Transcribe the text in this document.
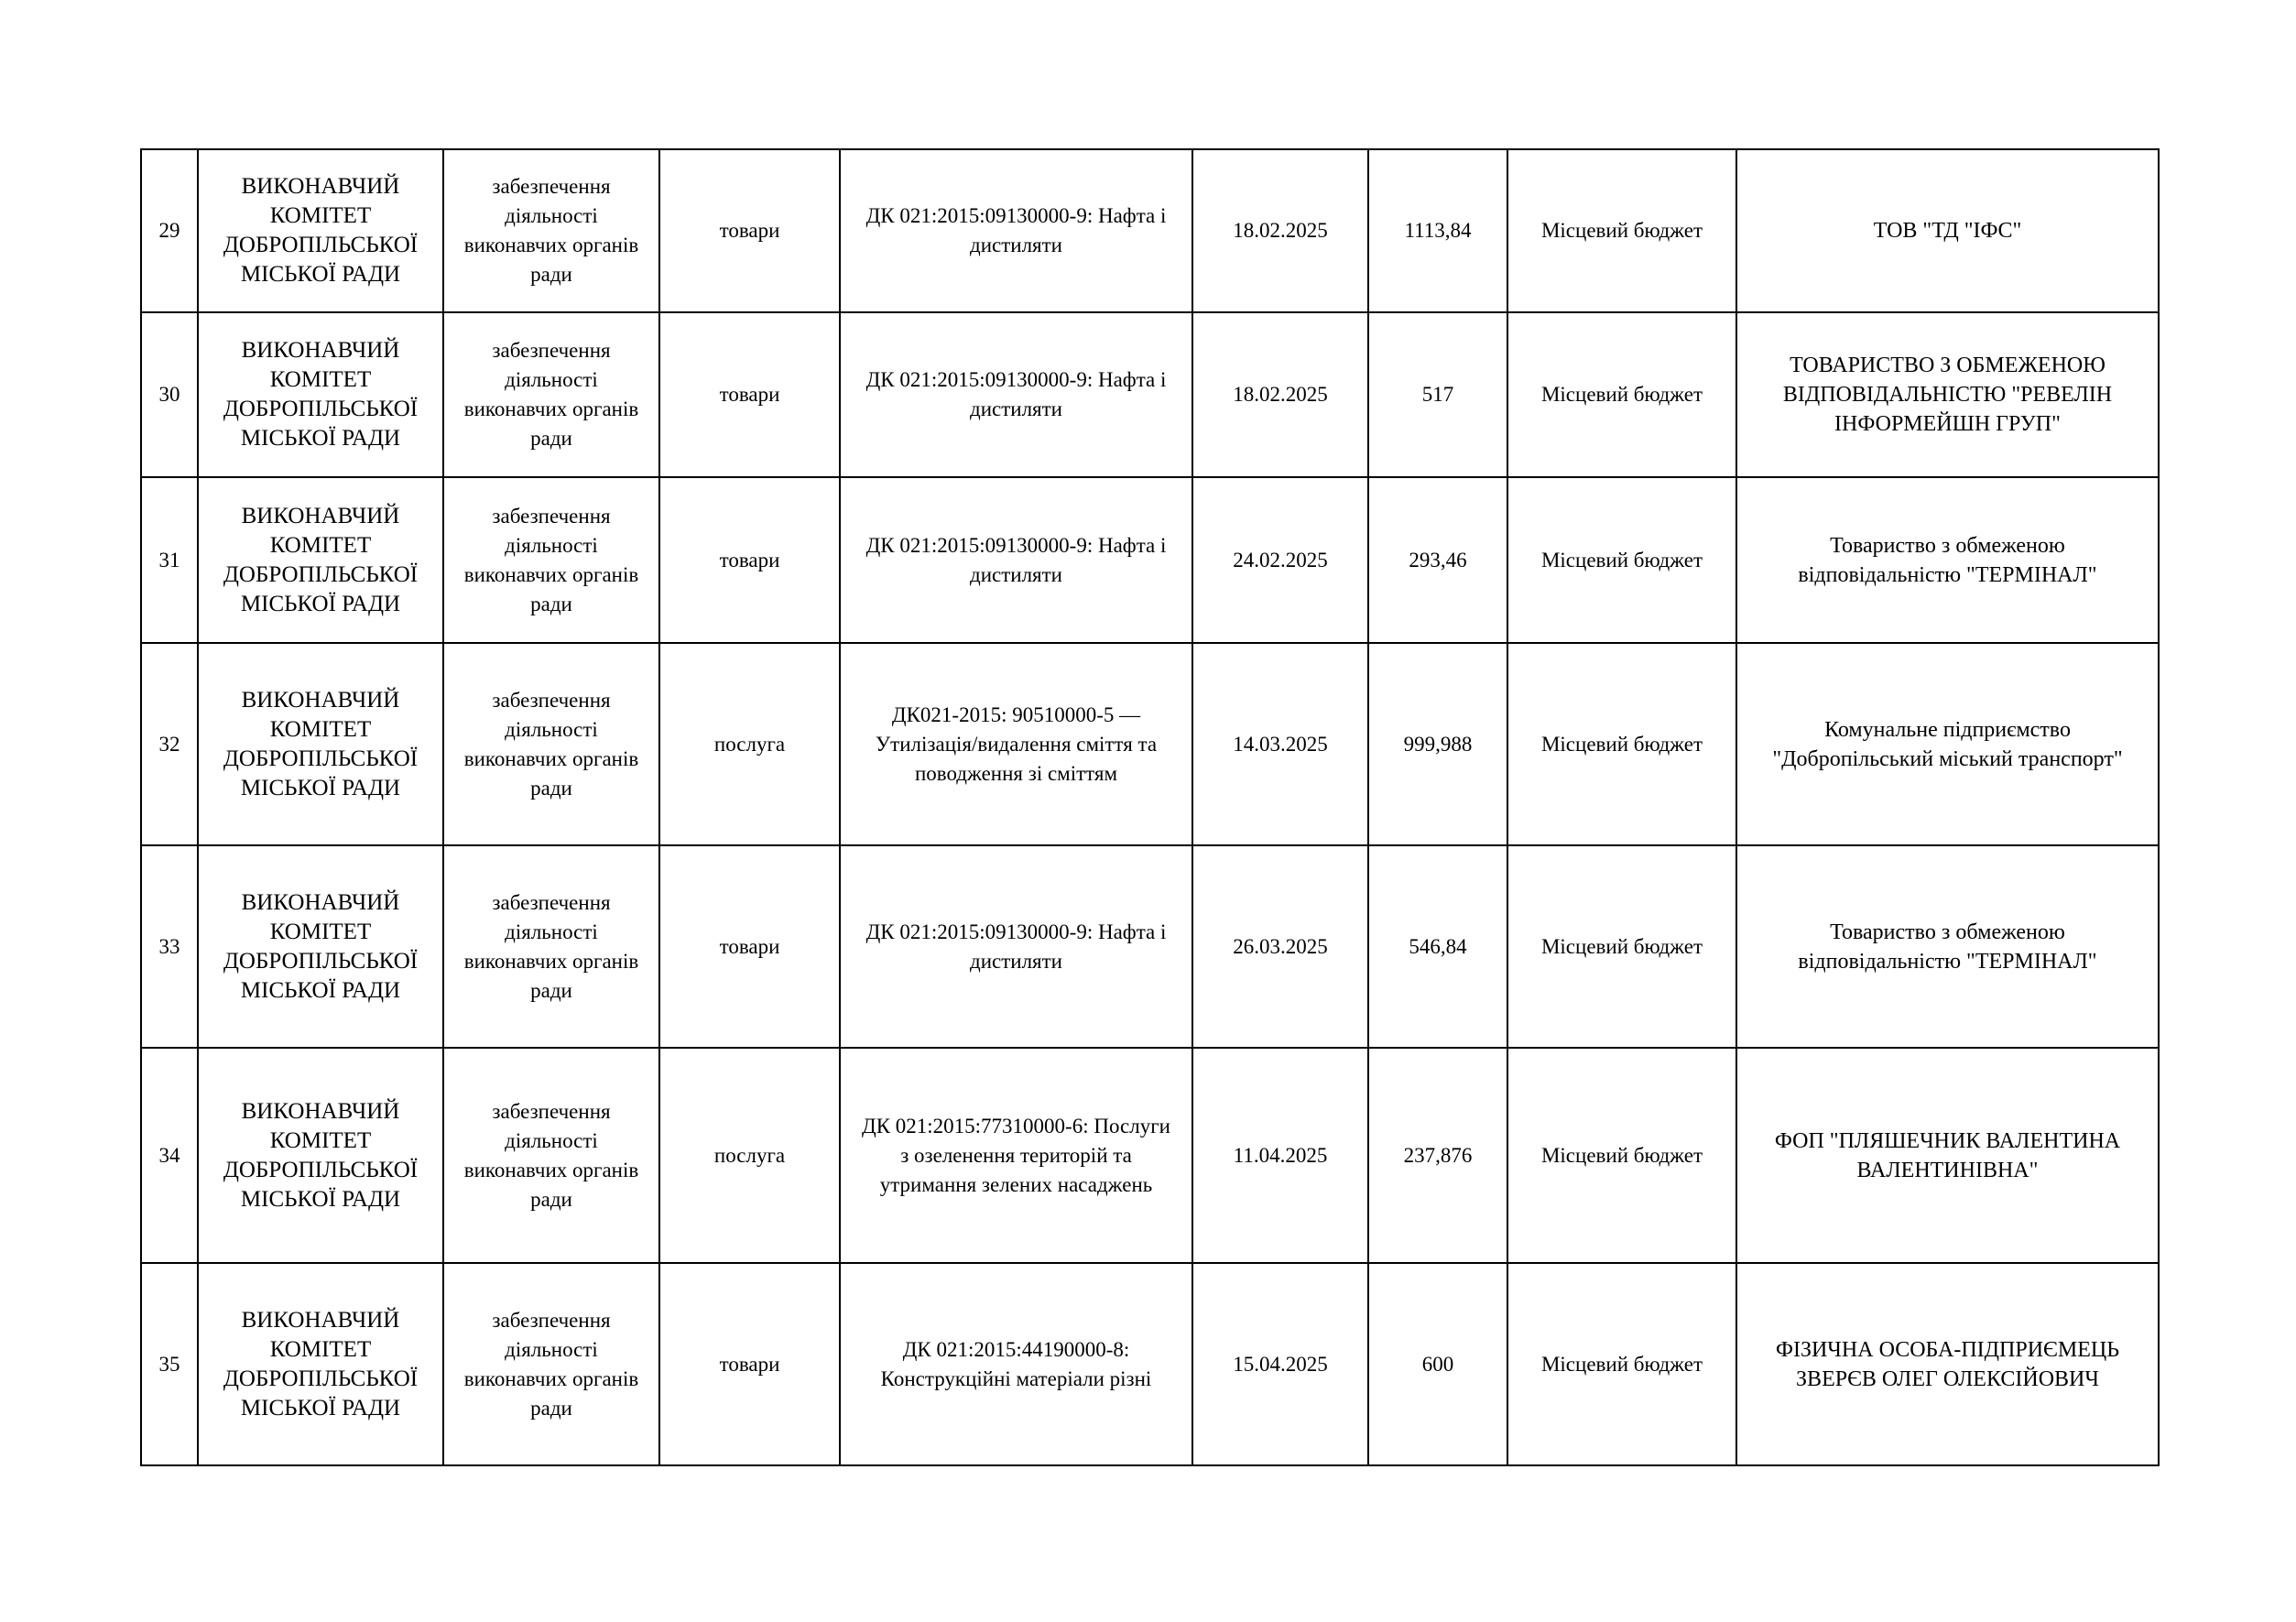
29	ВИКОНАВЧИЙ
КОМІТЕТ
ДОБРОПІЛЬСЬКОЇ
МІСЬКОЇ РАДИ	забезпечення
діяльності
виконавчих органів
ради	товари	ДК 021:2015:09130000-9: Нафта і
дистиляти	18.02.2025	1113,84	Місцевий бюджет	ТОВ "ТД "ІФС"
30	ВИКОНАВЧИЙ
КОМІТЕТ
ДОБРОПІЛЬСЬКОЇ
МІСЬКОЇ РАДИ	забезпечення
діяльності
виконавчих органів
ради	товари	ДК 021:2015:09130000-9: Нафта і
дистиляти	18.02.2025	517	Місцевий бюджет	ТОВАРИСТВО З ОБМЕЖЕНОЮ
ВІДПОВІДАЛЬНІСТЮ "РЕВЕЛІН
ІНФОРМЕЙШН ГРУП"
31	ВИКОНАВЧИЙ
КОМІТЕТ
ДОБРОПІЛЬСЬКОЇ
МІСЬКОЇ РАДИ	забезпечення
діяльності
виконавчих органів
ради	товари	ДК 021:2015:09130000-9: Нафта і
дистиляти	24.02.2025	293,46	Місцевий бюджет	Товариство з обмеженою
відповідальністю "ТЕРМІНАЛ"
32	ВИКОНАВЧИЙ
КОМІТЕТ
ДОБРОПІЛЬСЬКОЇ
МІСЬКОЇ РАДИ	забезпечення
діяльності
виконавчих органів
ради	послуга	ДК021-2015: 90510000-5 —
Утилізація/видалення сміття та
поводження зі сміттям	14.03.2025	999,988	Місцевий бюджет	Комунальне підприємство
"Добропільський міський транспорт"
33	ВИКОНАВЧИЙ
КОМІТЕТ
ДОБРОПІЛЬСЬКОЇ
МІСЬКОЇ РАДИ	забезпечення
діяльності
виконавчих органів
ради	товари	ДК 021:2015:09130000-9: Нафта і
дистиляти	26.03.2025	546,84	Місцевий бюджет	Товариство з обмеженою
відповідальністю "ТЕРМІНАЛ"
34	ВИКОНАВЧИЙ
КОМІТЕТ
ДОБРОПІЛЬСЬКОЇ
МІСЬКОЇ РАДИ	забезпечення
діяльності
виконавчих органів
ради	послуга	ДК 021:2015:77310000-6: Послуги
з озеленення територій та
утримання зелених насаджень	11.04.2025	237,876	Місцевий бюджет	ФОП "ПЛЯШЕЧНИК ВАЛЕНТИНА
ВАЛЕНТИНІВНА"
35	ВИКОНАВЧИЙ
КОМІТЕТ
ДОБРОПІЛЬСЬКОЇ
МІСЬКОЇ РАДИ	забезпечення
діяльності
виконавчих органів
ради	товари	ДК 021:2015:44190000-8:
Конструкційні матеріали різні	15.04.2025	600	Місцевий бюджет	ФІЗИЧНА ОСОБА-ПІДПРИЄМЕЦЬ
ЗВЕРЄВ ОЛЕГ ОЛЕКСІЙОВИЧ
